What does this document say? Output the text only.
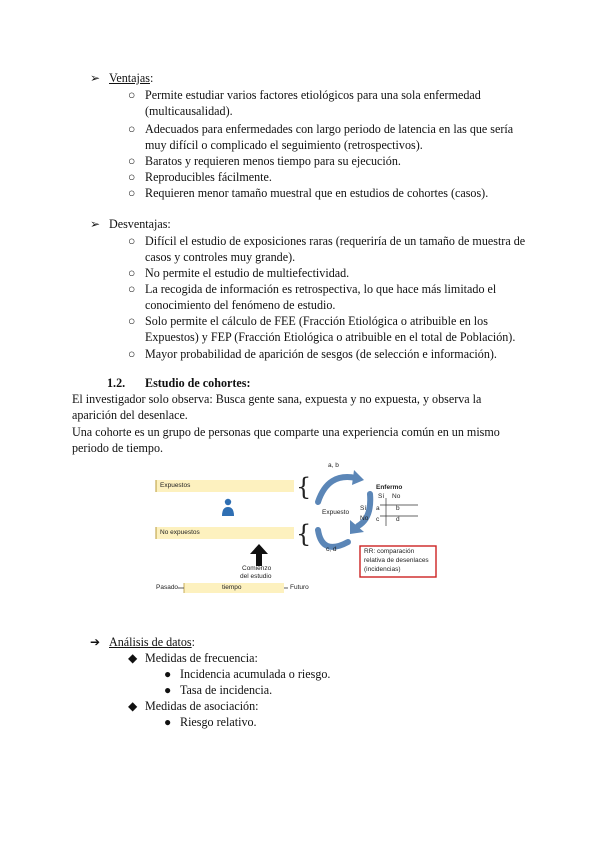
➢ Ventajas:
○ Permite estudiar varios factores etiológicos para una sola enfermedad
(multicausalidad).
○ Adecuados para enfermedades con largo periodo de latencia en las que sería
muy difícil o complicado el seguimiento (retrospectivos).
○ Baratos y requieren menos tiempo para su ejecución.
○ Reproducibles fácilmente.
○ Requieren menor tamaño muestral que en estudios de cohortes (casos).
➢ Desventajas:
○ Difícil el estudio de exposiciones raras (requeriría de un tamaño de muestra de
casos y controles muy grande).
○ No permite el estudio de multiefectividad.
○ La recogida de información es retrospectiva, lo que hace más limitado el
conocimiento del fenómeno de estudio.
○ Solo permite el cálculo de FEE (Fracción Etiológica o atribuible en los
Expuestos) y FEP (Fracción Etiológica o atribuible en el total de Población).
○ Mayor probabilidad de aparición de sesgos (de selección e información).
1.2. Estudio de cohortes:
El investigador solo observa: Busca gente sana, expuesta y no expuesta, y observa la
aparición del desenlace.
Una cohorte es un grupo de personas que comparte una experiencia común en un mismo
periodo de tiempo.
{
{
Expuestos
No expuestos
a, b
c, d
Expuesto
Enfermo
Sí No
Sí
No
a	b
c	d
Comienzo
del estudio
Pasado	tiempo	Futuro
RR: comparación
relativa de desenlaces
(incidencias)
➔ Análisis de datos:
◆ Medidas de frecuencia:
● Incidencia acumulada o riesgo.
● Tasa de incidencia.
◆ Medidas de asociación:
● Riesgo relativo.
